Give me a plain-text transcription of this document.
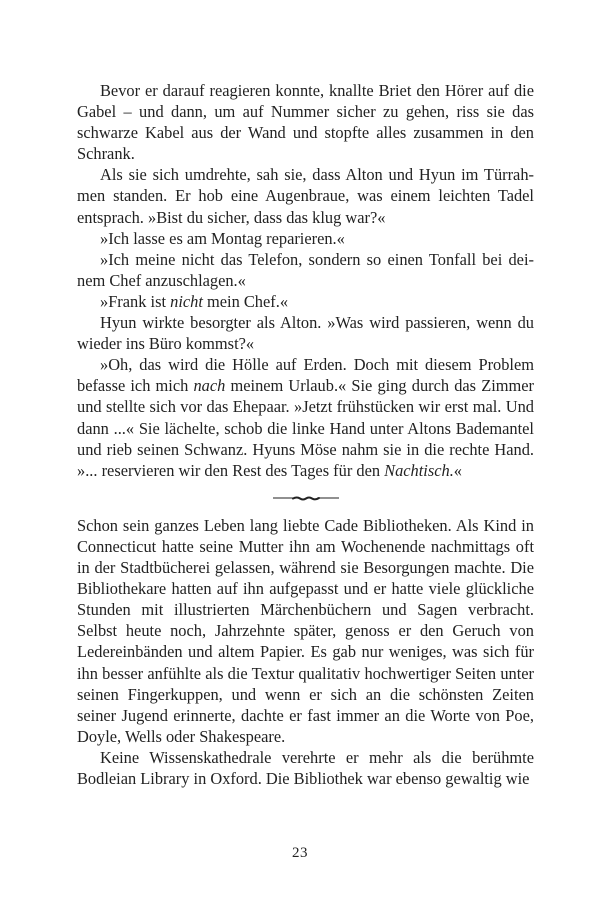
Bevor er darauf reagieren konnte, knallte Briet den Hörer auf die Gabel – und dann, um auf Nummer sicher zu gehen, riss sie das schwarze Kabel aus der Wand und stopfte alles zusammen in den Schrank.

Als sie sich umdrehte, sah sie, dass Alton und Hyun im Türrahmen standen. Er hob eine Augenbraue, was einem leichten Tadel entsprach. »Bist du sicher, dass das klug war?«

»Ich lasse es am Montag reparieren.«

»Ich meine nicht das Telefon, sondern so einen Tonfall bei deinem Chef anzuschlagen.«

»Frank ist nicht mein Chef.«

Hyun wirkte besorgter als Alton. »Was wird passieren, wenn du wieder ins Büro kommst?«

»Oh, das wird die Hölle auf Erden. Doch mit diesem Problem befasse ich mich nach meinem Urlaub.« Sie ging durch das Zimmer und stellte sich vor das Ehepaar. »Jetzt frühstücken wir erst mal. Und dann ...« Sie lächelte, schob die linke Hand unter Altons Bademantel und rieb seinen Schwanz. Hyuns Möse nahm sie in die rechte Hand. »... reservieren wir den Rest des Tages für den Nachtisch.«

Schon sein ganzes Leben lang liebte Cade Bibliotheken. Als Kind in Connecticut hatte seine Mutter ihn am Wochenende nachmittags oft in der Stadtbücherei gelassen, während sie Besorgungen machte. Die Bibliothekare hatten auf ihn aufgepasst und er hatte viele glückliche Stunden mit illustrierten Märchenbüchern und Sagen verbracht. Selbst heute noch, Jahrzehnte später, genoss er den Geruch von Ledereinbänden und altem Papier. Es gab nur weniges, was sich für ihn besser anfühlte als die Textur qualitativ hochwertiger Seiten unter seinen Fingerkuppen, und wenn er sich an die schönsten Zeiten seiner Jugend erinnerte, dachte er fast immer an die Worte von Poe, Doyle, Wells oder Shakespeare.

Keine Wissenskathedrale verehrte er mehr als die berühmte Bodleian Library in Oxford. Die Bibliothek war ebenso gewaltig wie

23
